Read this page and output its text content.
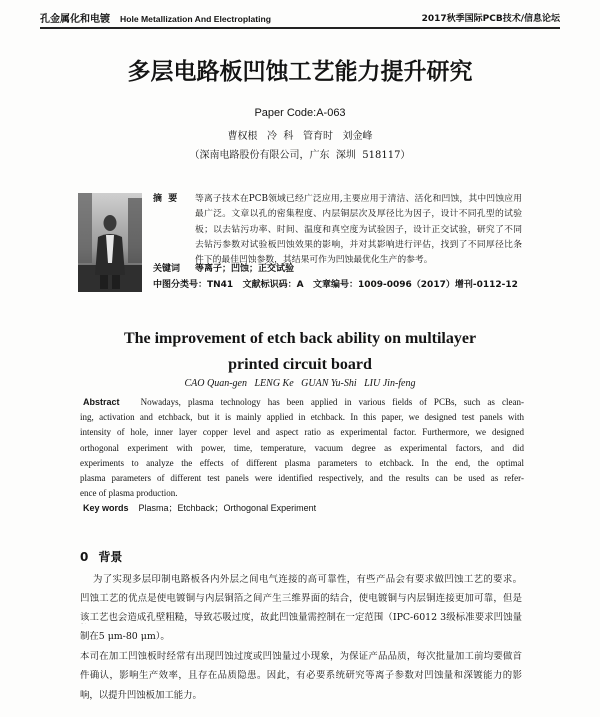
孔金属化和电镀 Hole Metallization And Electroplating	2017秋季国际PCB技术/信息论坛
多层电路板凹蚀工艺能力提升研究
Paper Code:A-063
曹权根   冷  科   管育时   刘金峰
（深南电路股份有限公司，广东  深圳  518117）
摘  要 等离子技术在PCB领域已经广泛应用,主要应用于清洁、活化和凹蚀，其中凹蚀应用
最广泛。文章以孔的密集程度、内层铜层次及厚径比为因子，设计不同孔型的试验
板；以去钻污功率、时间、温度和真空度为试验因子，设计正交试验，研究了不同
去钻污参数对试验板凹蚀效果的影响，并对其影响进行评估，找到了不同厚径比条
件下的最佳凹蚀参数，其结果可作为凹蚀最优化生产的参考。
关键词 等离子；凹蚀；正交试验
中图分类号：TN41   文献标识码：A   文章编号：1009-0096（2017）增刊-0112-12
The improvement of etch back ability on multilayer
printed circuit board
CAO Quan-gen   LENG Ke   GUAN Yu-Shi   LIU Jin-feng
Abstract Nowadays, plasma technology has been applied in various fields of PCBs, such as clean-
ing, activation and etchback, but it is mainly applied in etchback. In this paper, we designed test panels with
intensity of hole, inner layer copper level and aspect ratio as experimental factor. Furthermore, we designed
orthogonal experiment with power, time, temperature, vacuum degree as experimental factors, and did
experiments to analyze the effects of different plasma parameters to etchback. In the end, the optimal
plasma parameters of different test panels were identified respectively, and the results can be used as refer-
ence of plasma production.
Key words Plasma；Etchback；Orthogonal Experiment
0 背景
为了实现多层印制电路板各内外层之间电气连接的高可靠性，有些产品会有要求做凹蚀工艺的要求。
凹蚀工艺的优点是使电镀铜与内层铜箔之间产生三维界面的结合，使电镀铜与内层铜连接更加可靠，但是
该工艺也会造成孔壁粗糙，导致芯吸过度，故此凹蚀量需控制在一定范围（IPC-6012 3级标准要求凹蚀量
制在5 μm-80 μm）。
本司在加工凹蚀板时经常有出现凹蚀过度或凹蚀量过小现象，为保证产品品质，每次批量加工前均要做首
件确认，影响生产效率，且存在品质隐患。因此，有必要系统研究等离子参数对凹蚀量和深镀能力的影
响，以提升凹蚀板加工能力。
